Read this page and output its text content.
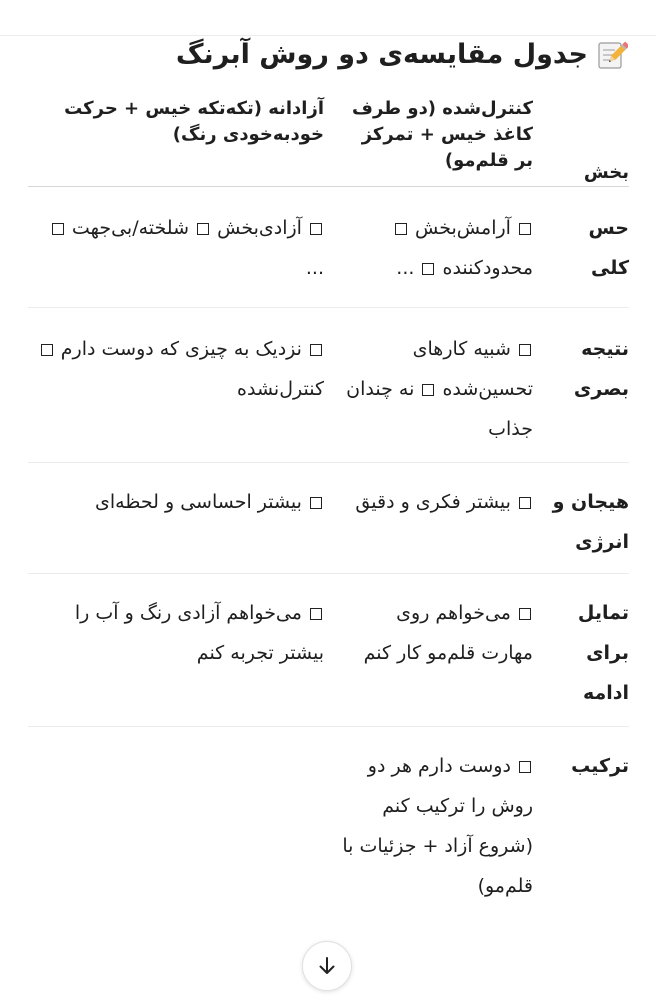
جدول مقایسه‌ی دو روش آبرنگ
بخش
کنترل‌شده (دو طرف کاغذ خیس + تمرکز بر قلم‌مو)
آزادانه (تکه‌تکه خیس + حرکت خودبه‌خودی رنگ)
حس کلی
آرامش‌بخش  محدودکننده  ...
آزادی‌بخش  شلخته/بی‌جهت  ...
نتیجه بصری
شبیه کارهای تحسین‌شده  نه چندان جذاب
نزدیک به چیزی که دوست دارم  کنترل‌نشده
هیجان و انرژی
بیشتر فکری و دقیق
بیشتر احساسی و لحظه‌ای
تمایل برای ادامه
می‌خواهم روی مهارت قلم‌مو کار کنم
می‌خواهم آزادی رنگ و آب را بیشتر تجربه کنم
ترکیب
دوست دارم هر دو روش را ترکیب کنم (شروع آزاد + جزئیات با قلم‌مو)
